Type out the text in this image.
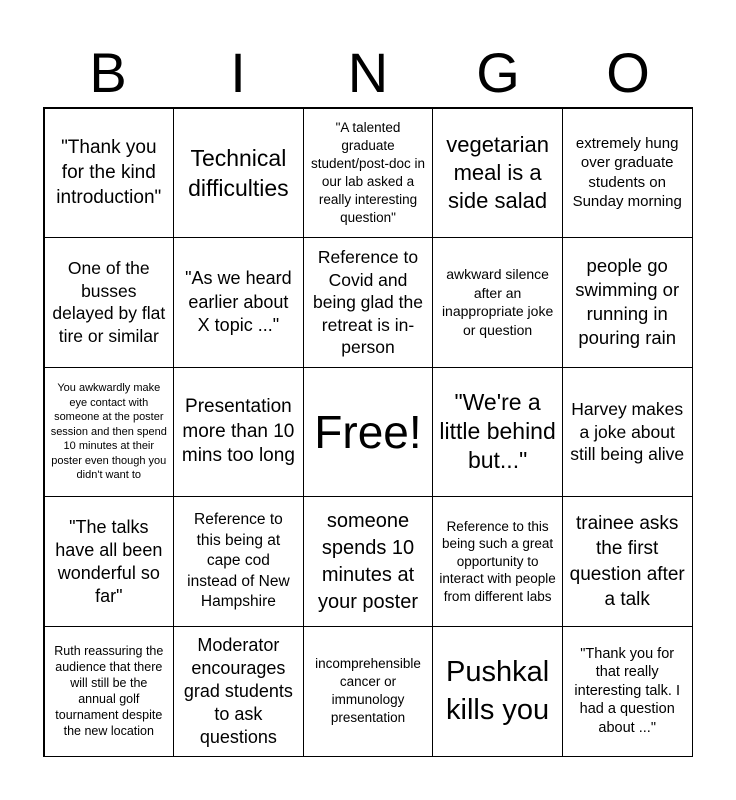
B	I	N	G	O
"Thank you for the kind introduction"
Technical difficulties
"A talented graduate student/post-doc in our lab asked a really interesting question"
vegetarian meal is a side salad
extremely hung over graduate students on Sunday morning
One of the busses delayed by flat tire or similar
"As we heard earlier about X topic ..."
Reference to Covid and being glad the retreat is in-person
awkward silence after an inappropriate joke or question
people go swimming or running in pouring rain
You awkwardly make eye contact with someone at the poster session and then spend 10 minutes at their poster even though you didn't want to
Presentation more than 10 mins too long Free!
"We're a little behind but..."
Harvey makes a joke about still being alive
"The talks have all been wonderful so far"
Reference to this being at cape cod instead of New Hampshire
someone spends 10 minutes at your poster
Reference to this being such a great opportunity to interact with people from different labs
trainee asks the first question after a talk
Ruth reassuring the audience that there will still be the annual golf tournament despite the new location
Moderator encourages grad students to ask questions
incomprehensible cancer or immunology presentation
Pushkal kills you
"Thank you for that really interesting talk. I had a question about ..."
